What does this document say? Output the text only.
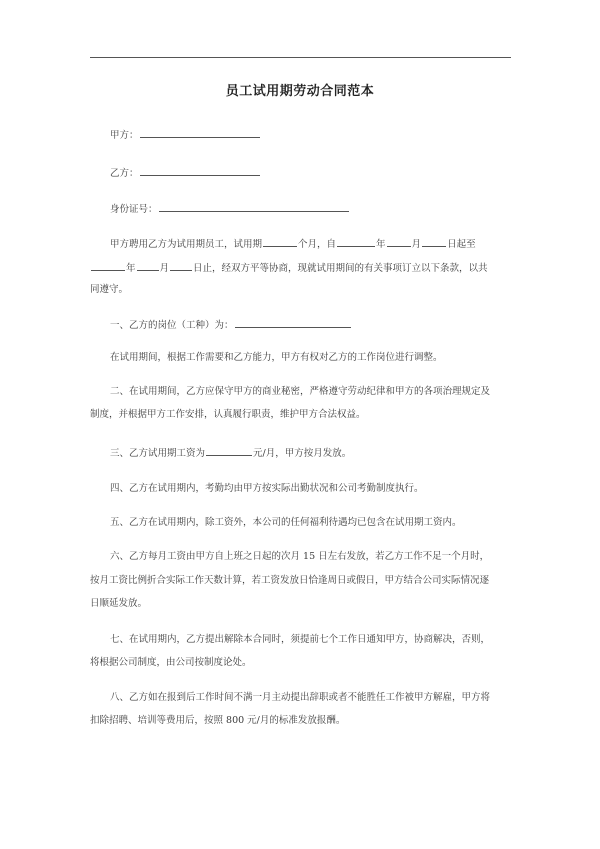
员工试用期劳动合同范本
甲方：
乙方：
身份证号：
甲方聘用乙方为试用期员工，试用期	个月，自	年	月	日起至
年	月	日止，经双方平等协商，现就试用期间的有关事项订立以下条款，以共
同遵守。
一、乙方的岗位（工种）为：
在试用期间，根据工作需要和乙方能力，甲方有权对乙方的工作岗位进行调整。
二、在试用期间，乙方应保守甲方的商业秘密，严格遵守劳动纪律和甲方的各项治理规定及
制度，并根据甲方工作安排，认真履行职责，维护甲方合法权益。
三、乙方试用期工资为	元/月，甲方按月发放。
四、乙方在试用期内，考勤均由甲方按实际出勤状况和公司考勤制度执行。
五、乙方在试用期内，除工资外，本公司的任何福利待遇均已包含在试用期工资内。
六、乙方每月工资由甲方自上班之日起的次月 15 日左右发放，若乙方工作不足一个月时，
按月工资比例折合实际工作天数计算，若工资发放日恰逢周日或假日，甲方结合公司实际情况逐
日顺延发放。
七、在试用期内，乙方提出解除本合同时，须提前七个工作日通知甲方，协商解决，否则，
将根据公司制度，由公司按制度论处。
八、乙方如在报到后工作时间不满一月主动提出辞职或者不能胜任工作被甲方解雇，甲方将
扣除招聘、培训等费用后，按照 800 元/月的标准发放报酬。
